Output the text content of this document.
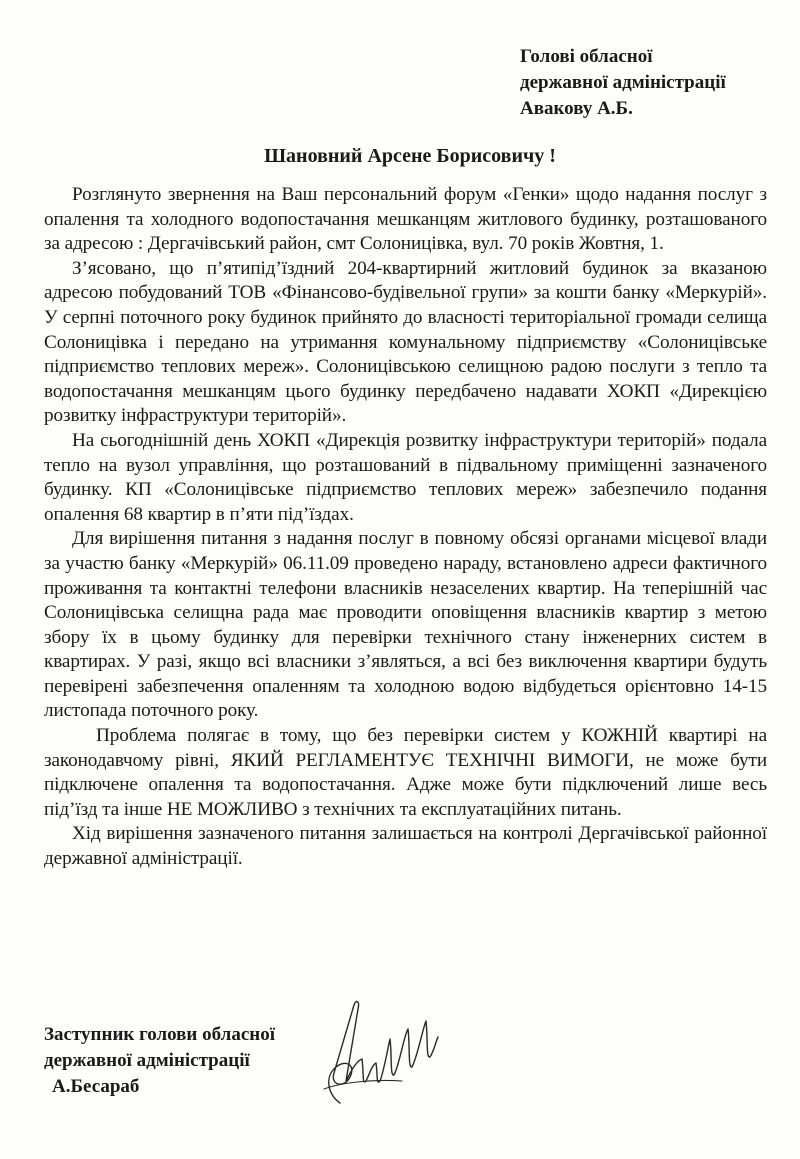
Голові обласної
державної адміністрації
Авакову А.Б.
Шановний Арсене Борисовичу !

Розглянуто звернення на Ваш персональний форум «Генки» щодо надання послуг з опалення та холодного водопостачання мешканцям житлового будинку, розташованого за адресою : Дергачівський район, смт Солоницівка, вул. 70 років Жовтня, 1.

З’ясовано, що п’ятипід’їздний 204-квартирний житловий будинок за вказаною адресою побудований ТОВ «Фінансово-будівельної групи» за кошти банку «Меркурій». У серпні поточного року будинок прийнято до власності територіальної громади селища Солоницівка і передано на утримання комунальному підприємству «Солоницівське підприємство теплових мереж». Солоницівською селищною радою послуги з тепло та водопостачання мешканцям цього будинку передбачено надавати ХОКП «Дирекцією розвитку інфраструктури територій».

На сьогоднішній день ХОКП «Дирекція розвитку інфраструктури територій» подала тепло на вузол управління, що розташований в підвальному приміщенні зазначеного будинку. КП «Солоницівське підприємство теплових мереж» забезпечило подання опалення 68 квартир в п’яти під’їздах.

Для вирішення питання з надання послуг в повному обсязі органами місцевої влади за участю банку «Меркурій» 06.11.09 проведено нараду, встановлено адреси фактичного проживання та контактні телефони власників незаселених квартир. На теперішній час Солоницівська селищна рада має проводити оповіщення власників квартир з метою збору їх в цьому будинку для перевірки технічного стану інженерних систем в квартирах. У разі, якщо всі власники з’являться, а всі без виключення квартири будуть перевірені забезпечення опаленням та холодною водою відбудеться орієнтовно 14-15 листопада поточного року.

Проблема полягає в тому, що без перевірки систем у КОЖНІЙ квартирі на законодавчому рівні, ЯКИЙ РЕГЛАМЕНТУЄ ТЕХНІЧНІ ВИМОГИ, не може бути підключене опалення та водопостачання. Адже може бути підключений лише весь під’їзд та інше НЕ МОЖЛИВО з технічних та експлуатаційних питань.

Хід вирішення зазначеного питання залишається на контролі Дергачівської районної державної адміністрації.

Заступник голови обласної
державної адміністрації
А.Бесараб
